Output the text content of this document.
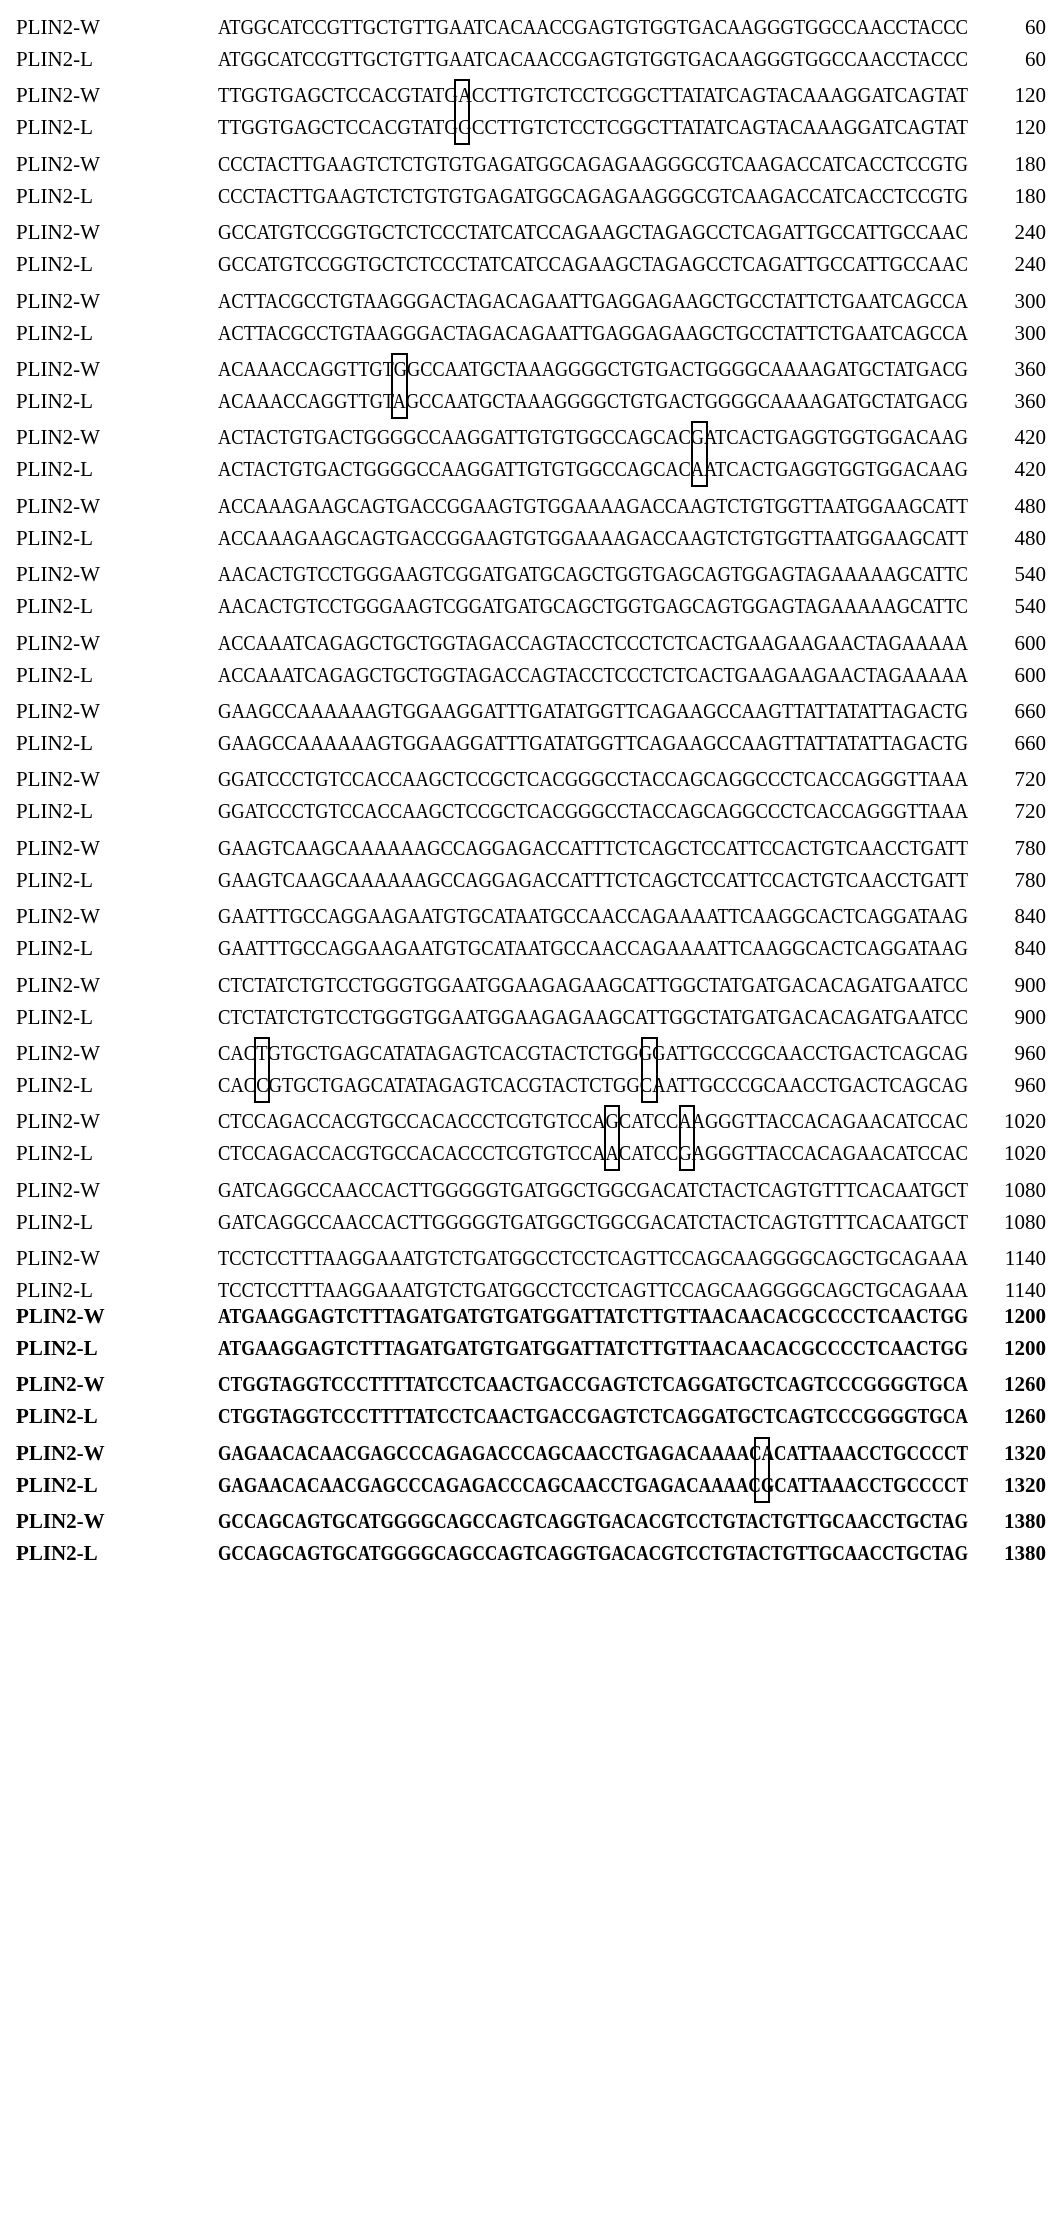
PLIN2-W	ATGGCATCCGTTGCTGTTGAATCACAACCGAGTGTGGTGACAAGGGTGGCCAACCTACCC	60
PLIN2-L	ATGGCATCCGTTGCTGTTGAATCACAACCGAGTGTGGTGACAAGGGTGGCCAACCTACCC	60
PLIN2-W	TTGGTGAGCTCCACGTATGACCTTGTCTCCTCGGCTTATATCAGTACAAAGGATCAGTAT 120
PLIN2-L	TTGGTGAGCTCCACGTATGGCCTTGTCTCCTCGGCTTATATCAGTACAAAGGATCAGTAT 120
PLIN2-W	CCCTACTTGAAGTCTCTGTGTGAGATGGCAGAGAAGGGCGTCAAGACCATCACCTCCGTG 180
PLIN2-L	CCCTACTTGAAGTCTCTGTGTGAGATGGCAGAGAAGGGCGTCAAGACCATCACCTCCGTG 180
PLIN2-W	GCCATGTCCGGTGCTCTCCCTATCATCCAGAAGCTAGAGCCTCAGATTGCCATTGCCAAC 240
PLIN2-L	GCCATGTCCGGTGCTCTCCCTATCATCCAGAAGCTAGAGCCTCAGATTGCCATTGCCAAC 240
PLIN2-W	ACTTACGCCTGTAAGGGACTAGACAGAATTGAGGAGAAGCTGCCTATTCTGAATCAGCCA 300
PLIN2-L	ACTTACGCCTGTAAGGGACTAGACAGAATTGAGGAGAAGCTGCCTATTCTGAATCAGCCA 300
PLIN2-W	ACAAACCAGGTTGTGGCCAATGCTAAAGGGGCTGTGACTGGGGCAAAAGATGCTATGACG 360
PLIN2-L	ACAAACCAGGTTGTAGCCAATGCTAAAGGGGCTGTGACTGGGGCAAAAGATGCTATGACG 360
PLIN2-W	ACTACTGTGACTGGGGCCAAGGATTGTGTGGCCAGCACGATCACTGAGGTGGTGGACAAG 420
PLIN2-L	ACTACTGTGACTGGGGCCAAGGATTGTGTGGCCAGCACAATCACTGAGGTGGTGGACAAG 420
PLIN2-W	ACCAAAGAAGCAGTGACCGGAAGTGTGGAAAAGACCAAGTCTGTGGTTAATGGAAGCATT 480
PLIN2-L	ACCAAAGAAGCAGTGACCGGAAGTGTGGAAAAGACCAAGTCTGTGGTTAATGGAAGCATT 480
PLIN2-W	AACACTGTCCTGGGAAGTCGGATGATGCAGCTGGTGAGCAGTGGAGTAGAAAAAGCATTC 540
PLIN2-L	AACACTGTCCTGGGAAGTCGGATGATGCAGCTGGTGAGCAGTGGAGTAGAAAAAGCATTC 540
PLIN2-W	ACCAAATCAGAGCTGCTGGTAGACCAGTACCTCCCTCTCACTGAAGAAGAACTAGAAAAA 600
PLIN2-L	ACCAAATCAGAGCTGCTGGTAGACCAGTACCTCCCTCTCACTGAAGAAGAACTAGAAAAA 600
PLIN2-W	GAAGCCAAAAAAGTGGAAGGATTTGATATGGTTCAGAAGCCAAGTTATTATATTAGACTG 660
PLIN2-L	GAAGCCAAAAAAGTGGAAGGATTTGATATGGTTCAGAAGCCAAGTTATTATATTAGACTG 660
PLIN2-W	GGATCCCTGTCCACCAAGCTCCGCTCACGGGCCTACCAGCAGGCCCTCACCAGGGTTAAA 720
PLIN2-L	GGATCCCTGTCCACCAAGCTCCGCTCACGGGCCTACCAGCAGGCCCTCACCAGGGTTAAA 720
PLIN2-W	GAAGTCAAGCAAAAAAGCCAGGAGACCATTTCTCAGCTCCATTCCACTGTCAACCTGATT 780
PLIN2-L	GAAGTCAAGCAAAAAAGCCAGGAGACCATTTCTCAGCTCCATTCCACTGTCAACCTGATT 780
PLIN2-W	GAATTTGCCAGGAAGAATGTGCATAATGCCAACCAGAAAATTCAAGGCACTCAGGATAAG 840
PLIN2-L	GAATTTGCCAGGAAGAATGTGCATAATGCCAACCAGAAAATTCAAGGCACTCAGGATAAG 840
PLIN2-W	CTCTATCTGTCCTGGGTGGAATGGAAGAGAAGCATTGGCTATGATGACACAGATGAATCC 900
PLIN2-L	CTCTATCTGTCCTGGGTGGAATGGAAGAGAAGCATTGGCTATGATGACACAGATGAATCC 900
PLIN2-W	CACTGTGCTGAGCATATAGAGTCACGTACTCTGGGGATTGCCCGCAACCTGACTCAGCAG 960
PLIN2-L	CACCGTGCTGAGCATATAGAGTCACGTACTCTGGCAATTGCCCGCAACCTGACTCAGCAG 960
PLIN2-W	CTCCAGACCACGTGCCACACCCTCGTGTCCAGCATCCAAGGGTTACCACAGAACATCCAC 1020
PLIN2-L	CTCCAGACCACGTGCCACACCCTCGTGTCCAACATCCGAGGGTTACCACAGAACATCCAC 1020
PLIN2-W	GATCAGGCCAACCACTTGGGGGTGATGGCTGGCGACATCTACTCAGTGTTTCACAATGCT 1080
PLIN2-L	GATCAGGCCAACCACTTGGGGGTGATGGCTGGCGACATCTACTCAGTGTTTCACAATGCT 1080
PLIN2-W	TCCTCCTTTAAGGAAATGTCTGATGGCCTCCTCAGTTCCAGCAAGGGGCAGCTGCAGAAA 1140
PLIN2-L	TCCTCCTTTAAGGAAATGTCTGATGGCCTCCTCAGTTCCAGCAAGGGGCAGCTGCAGAAA 1140
PLIN2-W	ATGAAGGAGTCTTTAGATGATGTGATGGATTATCTTGTTAACAACACGCCCCTCAACTGG 1200
PLIN2-L	ATGAAGGAGTCTTTAGATGATGTGATGGATTATCTTGTTAACAACACGCCCCTCAACTGG 1200
PLIN2-W	CTGGTAGGTCCCTTTTATCCTCAACTGACCGAGTCTCAGGATGCTCAGTCCCGGGGTGCA 1260
PLIN2-L	CTGGTAGGTCCCTTTTATCCTCAACTGACCGAGTCTCAGGATGCTCAGTCCCGGGGTGCA 1260
PLIN2-W	GAGAACACAACGAGCCCAGAGACCCAGCAACCTGAGACAAAACACATTAAACCTGCCCCT 1320
PLIN2-L	GAGAACACAACGAGCCCAGAGACCCAGCAACCTGAGACAAAACGCATTAAACCTGCCCCT 1320
PLIN2-W	GCCAGCAGTGCATGGGGCAGCCAGTCAGGTGACACGTCCTGTACTGTTGCAACCTGCTAG 1380
PLIN2-L	GCCAGCAGTGCATGGGGCAGCCAGTCAGGTGACACGTCCTGTACTGTTGCAACCTGCTAG 1380
